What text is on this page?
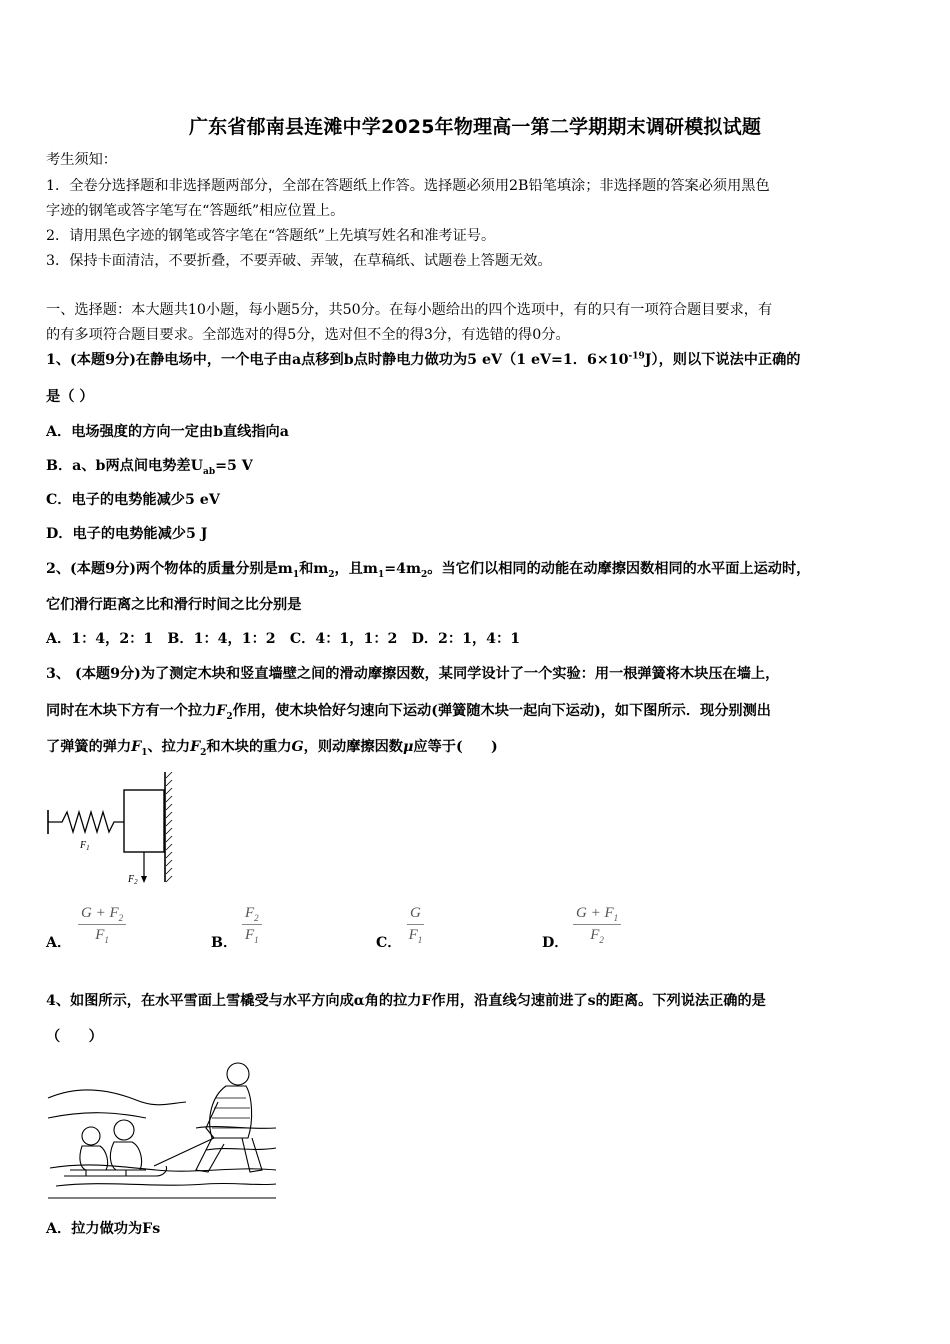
广东省郁南县连滩中学2025年物理高一第二学期期末调研模拟试题
考生须知：
1．全卷分选择题和非选择题两部分，全部在答题纸上作答。选择题必须用2B铅笔填涂；非选择题的答案必须用黑色
字迹的钢笔或答字笔写在“答题纸”相应位置上。
2．请用黑色字迹的钢笔或答字笔在“答题纸”上先填写姓名和准考证号。
3．保持卡面清洁，不要折叠，不要弄破、弄皱，在草稿纸、试题卷上答题无效。
一、选择题：本大题共10小题，每小题5分，共50分。在每小题给出的四个选项中，有的只有一项符合题目要求，有
的有多项符合题目要求。全部选对的得5分，选对但不全的得3分，有选错的得0分。
1、(本题9分)在静电场中，一个电子由a点移到b点时静电力做功为5 eV（1 eV=1．$6\times 10^{-19}J$），则以下说法中正确的
是（ ）
A．电场强度的方向一定由b直线指向a
B．a、b两点间电势差$U_{ab}=5$ V
C．电子的电势能减少5 eV
D．电子的电势能减少5 J
2、(本题9分)两个物体的质量分别是$m_1$和$m_2$，且$m_1=4m_2$。当它们以相同的动能在动摩擦因数相同的水平面上运动时，
它们滑行距离之比和滑行时间之比分别是
A．1：4，2：1　B．1：4，1：2　C．4：1，1：2　D．2：1，4：1
3、 (本题9分)为了测定木块和竖直墙壁之间的滑动摩擦因数，某同学设计了一个实验：用一根弹簧将木块压在墙上，
同时在木块下方有一个拉力$F_2$作用，使木块恰好匀速向下运动(弹簧随木块一起向下运动)，如下图所示．现分别测出
了弹簧的弹力$F_1$、拉力$F_2$和木块的重力G，则动摩擦因数μ应等于(　　)
$F_1$
$F_2$
A． $\frac{G + F_2}{F_1}$	B． $\frac{F_2}{F_1}$	C． $\frac{G}{F_1}$	D． $\frac{G + F_1}{F_2}$
4、如图所示，在水平雪面上雪橇受与水平方向成α角的拉力F作用，沿直线匀速前进了s的距离。下列说法正确的是
（　　）
A．拉力做功为Fs
